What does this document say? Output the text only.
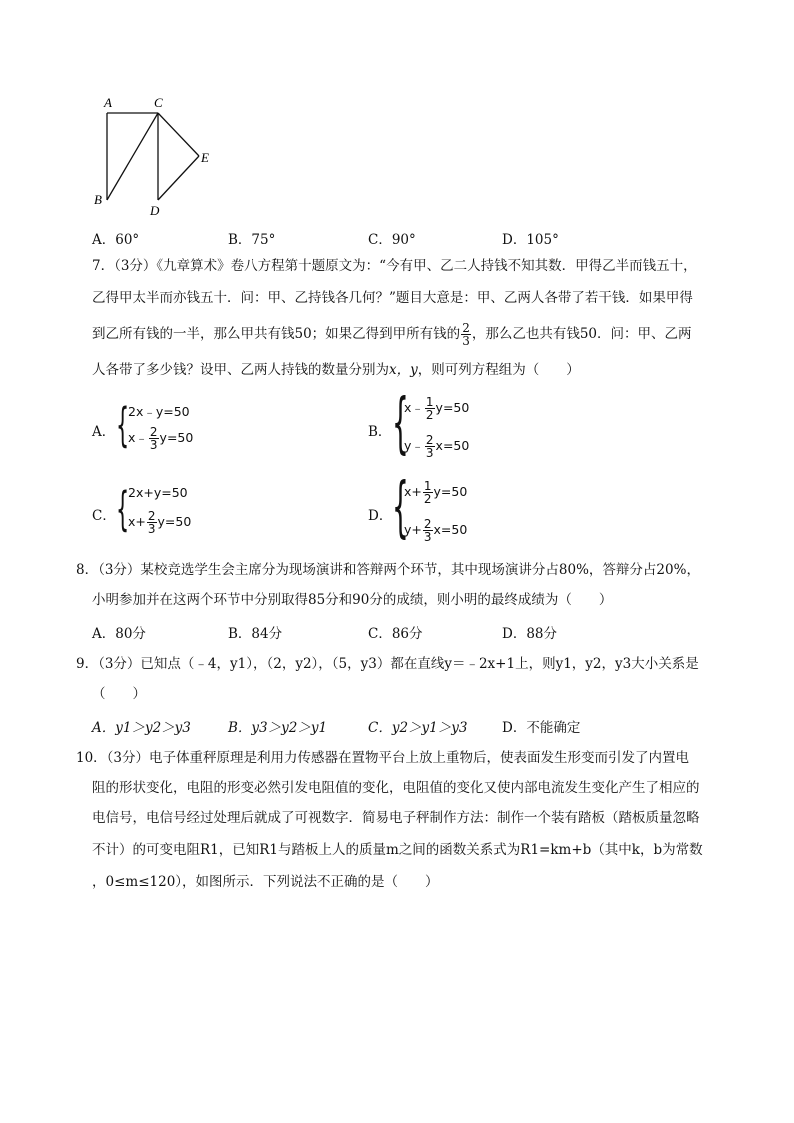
A	C
E
B
D
A．60°	B．75°	C．90°	D．105°
7．（3分）《九章算术》卷八方程第十题原文为：“今有甲、乙二人持钱不知其数．甲得乙半而钱五十，
乙得甲太半而亦钱五十．问：甲、乙持钱各几何？”题目大意是：甲、乙两人各带了若干钱．如果甲得
到乙所有钱的一半，那么甲共有钱50；如果乙得到甲所有钱的 $\frac{2}{3}$ ，那么乙也共有钱50．问：甲、乙两
人各带了多少钱？设甲、乙两人持钱的数量分别为x，y，则可列方程组为（　　）
A． {
2x﹣y=50
x﹣ $\frac{2}{3} y=50$	B． {
x﹣ $\frac{1}{2} y=50$
y﹣ $\frac{2}{3} x=50$
C． {
2x+y=50
$x+ \frac{2}{3} y=50$	D． {
$x+ \frac{1}{2} y=50$
$y+ \frac{2}{3} x=50$
8．（3分）某校竞选学生会主席分为现场演讲和答辩两个环节，其中现场演讲分占80%，答辩分占20%，
小明参加并在这两个环节中分别取得85分和90分的成绩，则小明的最终成绩为（　　）
A．80分	B．84分	C．86分	D．88分
9．（3分）已知点（﹣4，y1），（2，y2），（5，y3）都在直线y＝﹣2x+1上，则y1，y2，y3大小关系是
（　　）
A．y1＞y2＞y3	B．y3＞y2＞y1	C．y2＞y1＞y3	D．不能确定
10．（3分）电子体重秤原理是利用力传感器在置物平台上放上重物后，使表面发生形变而引发了内置电
阻的形状变化，电阻的形变必然引发电阻值的变化，电阻值的变化又使内部电流发生变化产生了相应的
电信号，电信号经过处理后就成了可视数字．简易电子秤制作方法：制作一个装有踏板（踏板质量忽略
不计）的可变电阻R1，已知R1与踏板上人的质量m之间的函数关系式为R1=km+b（其中k，b为常数
，0≤m≤120），如图所示．下列说法不正确的是（　　）
